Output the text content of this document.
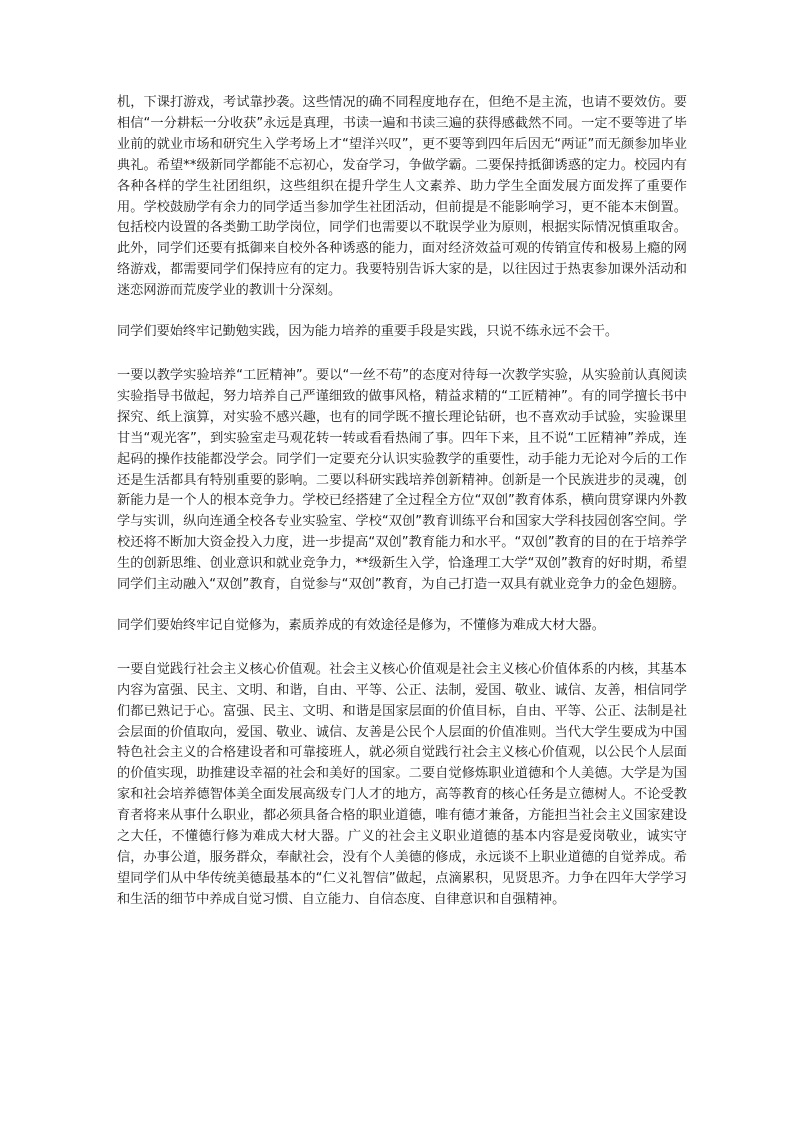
机，下课打游戏，考试靠抄袭。这些情况的确不同程度地存在，但绝不是主流，也请不要效仿。要相信“一分耕耘一分收获”永远是真理，书读一遍和书读三遍的获得感截然不同。一定不要等进了毕业前的就业市场和研究生入学考场上才“望洋兴叹”，更不要等到四年后因无“两证”而无颜参加毕业典礼。希望**级新同学都能不忘初心，发奋学习，争做学霸。二要保持抵御诱惑的定力。校园内有各种各样的学生社团组织，这些组织在提升学生人文素养、助力学生全面发展方面发挥了重要作用。学校鼓励学有余力的同学适当参加学生社团活动，但前提是不能影响学习，更不能本末倒置。包括校内设置的各类勤工助学岗位，同学们也需要以不耽误学业为原则，根据实际情况慎重取舍。此外，同学们还要有抵御来自校外各种诱惑的能力，面对经济效益可观的传销宣传和极易上瘾的网络游戏，都需要同学们保持应有的定力。我要特别告诉大家的是，以往因过于热衷参加课外活动和迷恋网游而荒废学业的教训十分深刻。

同学们要始终牢记勤勉实践，因为能力培养的重要手段是实践，只说不练永远不会干。

一要以教学实验培养“工匠精神”。要以“一丝不苟”的态度对待每一次教学实验，从实验前认真阅读实验指导书做起，努力培养自己严谨细致的做事风格，精益求精的“工匠精神”。有的同学擅长书中探究、纸上演算，对实验不感兴趣，也有的同学既不擅长理论钻研，也不喜欢动手试验，实验课里甘当“观光客”，到实验室走马观花转一转或看看热闹了事。四年下来，且不说“工匠精神”养成，连起码的操作技能都没学会。同学们一定要充分认识实验教学的重要性，动手能力无论对今后的工作还是生活都具有特别重要的影响。二要以科研实践培养创新精神。创新是一个民族进步的灵魂，创新能力是一个人的根本竞争力。学校已经搭建了全过程全方位“双创”教育体系，横向贯穿课内外教学与实训，纵向连通全校各专业实验室、学校“双创”教育训练平台和国家大学科技园创客空间。学校还将不断加大资金投入力度，进一步提高“双创”教育能力和水平。“双创”教育的目的在于培养学生的创新思维、创业意识和就业竞争力，**级新生入学，恰逢理工大学“双创”教育的好时期，希望同学们主动融入“双创”教育，自觉参与“双创”教育，为自己打造一双具有就业竞争力的金色翅膀。

同学们要始终牢记自觉修为，素质养成的有效途径是修为，不懂修为难成大材大器。

一要自觉践行社会主义核心价值观。社会主义核心价值观是社会主义核心价值体系的内核，其基本内容为富强、民主、文明、和谐，自由、平等、公正、法制，爱国、敬业、诚信、友善，相信同学们都已熟记于心。富强、民主、文明、和谐是国家层面的价值目标，自由、平等、公正、法制是社会层面的价值取向，爱国、敬业、诚信、友善是公民个人层面的价值准则。当代大学生要成为中国特色社会主义的合格建设者和可靠接班人，就必须自觉践行社会主义核心价值观，以公民个人层面的价值实现，助推建设幸福的社会和美好的国家。二要自觉修炼职业道德和个人美德。大学是为国家和社会培养德智体美全面发展高级专门人才的地方，高等教育的核心任务是立德树人。不论受教育者将来从事什么职业，都必须具备合格的职业道德，唯有德才兼备，方能担当社会主义国家建设之大任，不懂德行修为难成大材大器。广义的社会主义职业道德的基本内容是爱岗敬业，诚实守信，办事公道，服务群众，奉献社会，没有个人美德的修成，永远谈不上职业道德的自觉养成。希望同学们从中华传统美德最基本的“仁义礼智信”做起，点滴累积，见贤思齐。力争在四年大学学习和生活的细节中养成自觉习惯、自立能力、自信态度、自律意识和自强精神。
